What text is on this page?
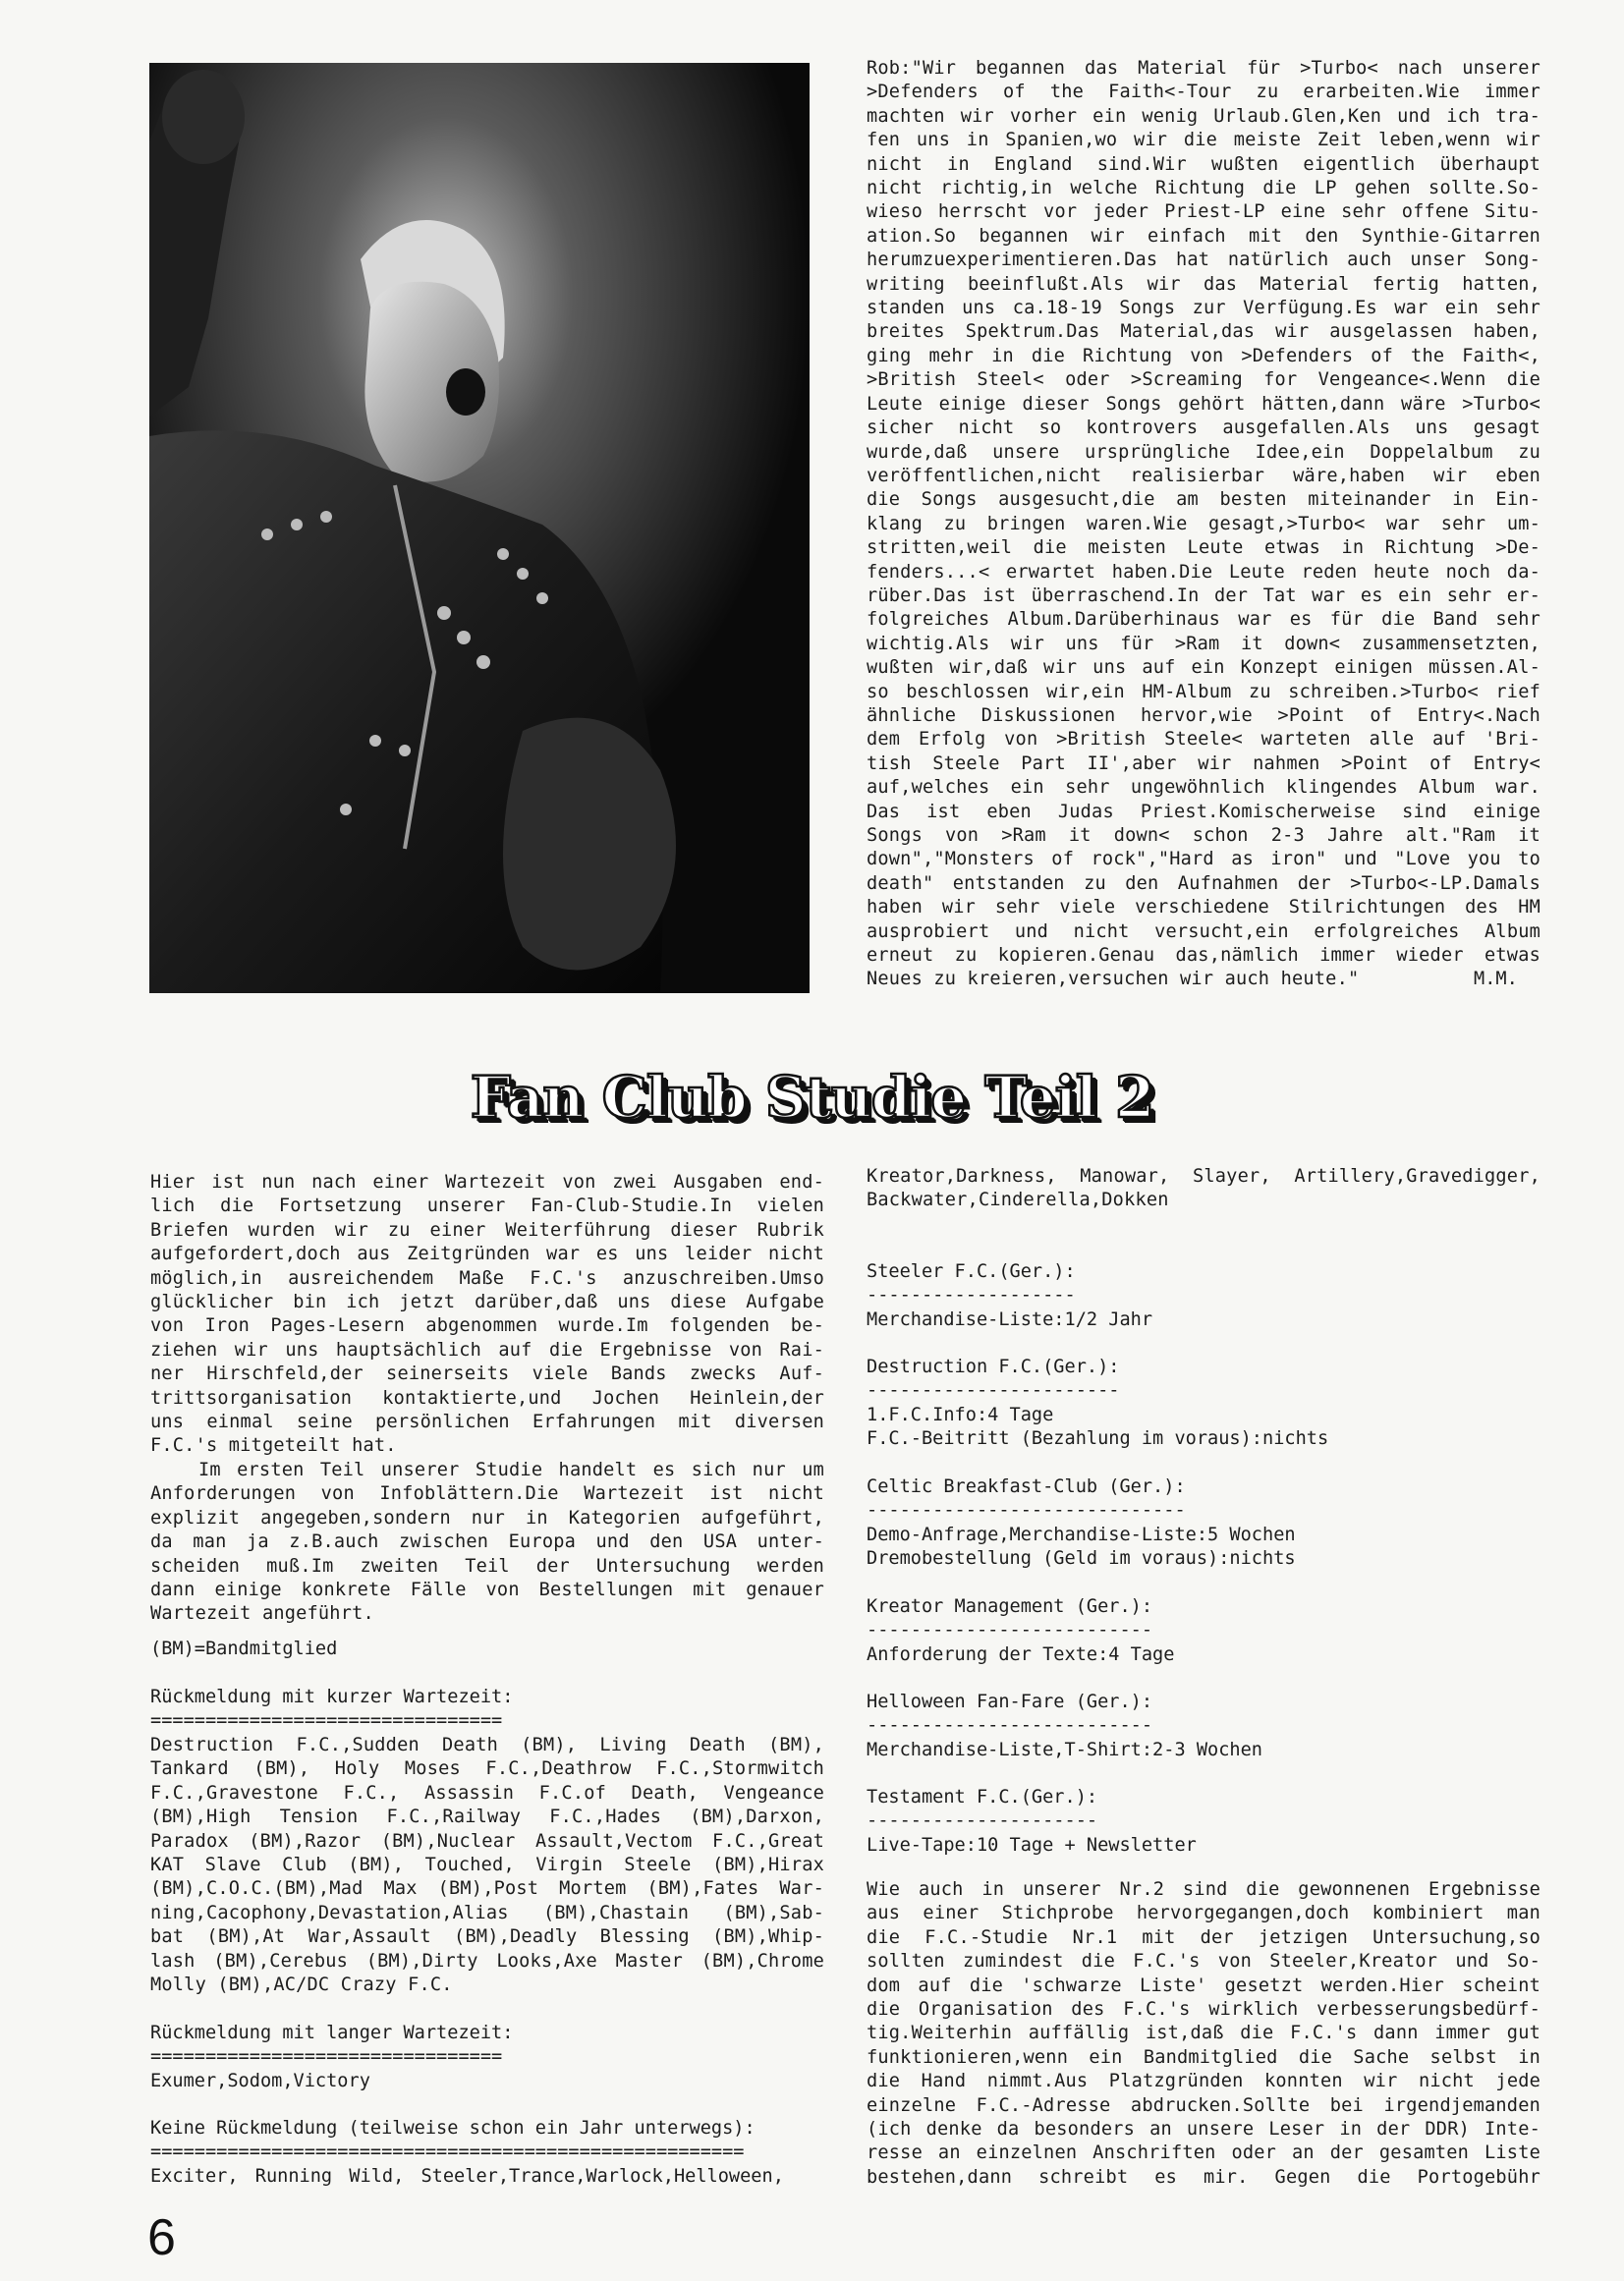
Rob:"Wir begannen das Material für >Turbo< nach unserer
>Defenders of the Faith<-Tour zu erarbeiten.Wie immer
machten wir vorher ein wenig Urlaub.Glen,Ken und ich tra-
fen uns in Spanien,wo wir die meiste Zeit leben,wenn wir
nicht in England sind.Wir wußten eigentlich überhaupt
nicht richtig,in welche Richtung die LP gehen sollte.So-
wieso herrscht vor jeder Priest-LP eine sehr offene Situ-
ation.So begannen wir einfach mit den Synthie-Gitarren
herumzuexperimentieren.Das hat natürlich auch unser Song-
writing beeinflußt.Als wir das Material fertig hatten,
standen uns ca.18-19 Songs zur Verfügung.Es war ein sehr
breites Spektrum.Das Material,das wir ausgelassen haben,
ging mehr in die Richtung von >Defenders of the Faith<,
>British Steel< oder >Screaming for Vengeance<.Wenn die
Leute einige dieser Songs gehört hätten,dann wäre >Turbo<
sicher nicht so kontrovers ausgefallen.Als uns gesagt
wurde,daß unsere ursprüngliche Idee,ein Doppelalbum zu
veröffentlichen,nicht realisierbar wäre,haben wir eben
die Songs ausgesucht,die am besten miteinander in Ein-
klang zu bringen waren.Wie gesagt,>Turbo< war sehr um-
stritten,weil die meisten Leute etwas in Richtung >De-
fenders...< erwartet haben.Die Leute reden heute noch da-
rüber.Das ist überraschend.In der Tat war es ein sehr er-
folgreiches Album.Darüberhinaus war es für die Band sehr
wichtig.Als wir uns für >Ram it down< zusammensetzten,
wußten wir,daß wir uns auf ein Konzept einigen müssen.Al-
so beschlossen wir,ein HM-Album zu schreiben.>Turbo< rief
ähnliche Diskussionen hervor,wie >Point of Entry<.Nach
dem Erfolg von >British Steele< warteten alle auf 'Bri-
tish Steele Part II',aber wir nahmen >Point of Entry<
auf,welches ein sehr ungewöhnlich klingendes Album war.
Das ist eben Judas Priest.Komischerweise sind einige
Songs von >Ram it down< schon 2-3 Jahre alt."Ram it
down","Monsters of rock","Hard as iron" und "Love you to
death" entstanden zu den Aufnahmen der >Turbo<-LP.Damals
haben wir sehr viele verschiedene Stilrichtungen des HM
ausprobiert und nicht versucht,ein erfolgreiches Album
erneut zu kopieren.Genau das,nämlich immer wieder etwas
Neues zu kreieren,versuchen wir auch heute."	M.M.
Fan Club Studie Teil 2
Hier ist nun nach einer Wartezeit von zwei Ausgaben end-
lich die Fortsetzung unserer Fan-Club-Studie.In vielen
Briefen wurden wir zu einer Weiterführung dieser Rubrik
aufgefordert,doch aus Zeitgründen war es uns leider nicht
möglich,in ausreichendem Maße F.C.'s anzuschreiben.Umso
glücklicher bin ich jetzt darüber,daß uns diese Aufgabe
von Iron Pages-Lesern abgenommen wurde.Im folgenden be-
ziehen wir uns hauptsächlich auf die Ergebnisse von Rai-
ner Hirschfeld,der seinerseits viele Bands zwecks Auf-
trittsorganisation kontaktierte,und Jochen Heinlein,der
uns einmal seine persönlichen Erfahrungen mit diversen
F.C.'s mitgeteilt hat.
Im ersten Teil unserer Studie handelt es sich nur um
Anforderungen von Infoblättern.Die Wartezeit ist nicht
explizit angegeben,sondern nur in Kategorien aufgeführt,
da man ja z.B.auch zwischen Europa und den USA unter-
scheiden muß.Im zweiten Teil der Untersuchung werden
dann einige konkrete Fälle von Bestellungen mit genauer
Wartezeit angeführt.
(BM)=Bandmitglied
Rückmeldung mit kurzer Wartezeit:
================================
Destruction F.C.,Sudden Death (BM), Living Death (BM),
Tankard (BM), Holy Moses F.C.,Deathrow F.C.,Stormwitch
F.C.,Gravestone F.C., Assassin F.C.of Death, Vengeance
(BM),High Tension F.C.,Railway F.C.,Hades (BM),Darxon,
Paradox (BM),Razor (BM),Nuclear Assault,Vectom F.C.,Great
KAT Slave Club (BM), Touched, Virgin Steele (BM),Hirax
(BM),C.O.C.(BM),Mad Max (BM),Post Mortem (BM),Fates War-
ning,Cacophony,Devastation,Alias (BM),Chastain (BM),Sab-
bat (BM),At War,Assault (BM),Deadly Blessing (BM),Whip-
lash (BM),Cerebus (BM),Dirty Looks,Axe Master (BM),Chrome
Molly (BM),AC/DC Crazy F.C.
Rückmeldung mit langer Wartezeit:
================================
Exumer,Sodom,Victory
Keine Rückmeldung (teilweise schon ein Jahr unterwegs):
======================================================
Exciter, Running Wild, Steeler,Trance,Warlock,Helloween,
Kreator,Darkness, Manowar, Slayer, Artillery,Gravedigger,
Backwater,Cinderella,Dokken
Steeler F.C.(Ger.):
-------------------
Merchandise-Liste:1/2 Jahr
Destruction F.C.(Ger.):
-----------------------
1.F.C.Info:4 Tage
F.C.-Beitritt (Bezahlung im voraus):nichts
Celtic Breakfast-Club (Ger.):
-----------------------------
Demo-Anfrage,Merchandise-Liste:5 Wochen
Dremobestellung (Geld im voraus):nichts
Kreator Management (Ger.):
--------------------------
Anforderung der Texte:4 Tage
Helloween Fan-Fare (Ger.):
--------------------------
Merchandise-Liste,T-Shirt:2-3 Wochen
Testament F.C.(Ger.):
---------------------
Live-Tape:10 Tage + Newsletter
Wie auch in unserer Nr.2 sind die gewonnenen Ergebnisse
aus einer Stichprobe hervorgegangen,doch kombiniert man
die F.C.-Studie Nr.1 mit der jetzigen Untersuchung,so
sollten zumindest die F.C.'s von Steeler,Kreator und So-
dom auf die 'schwarze Liste' gesetzt werden.Hier scheint
die Organisation des F.C.'s wirklich verbesserungsbedürf-
tig.Weiterhin auffällig ist,daß die F.C.'s dann immer gut
funktionieren,wenn ein Bandmitglied die Sache selbst in
die Hand nimmt.Aus Platzgründen konnten wir nicht jede
einzelne F.C.-Adresse abdrucken.Sollte bei irgendjemanden
(ich denke da besonders an unsere Leser in der DDR) Inte-
resse an einzelnen Anschriften oder an der gesamten Liste
bestehen,dann schreibt es mir. Gegen die Portogebühr
6
